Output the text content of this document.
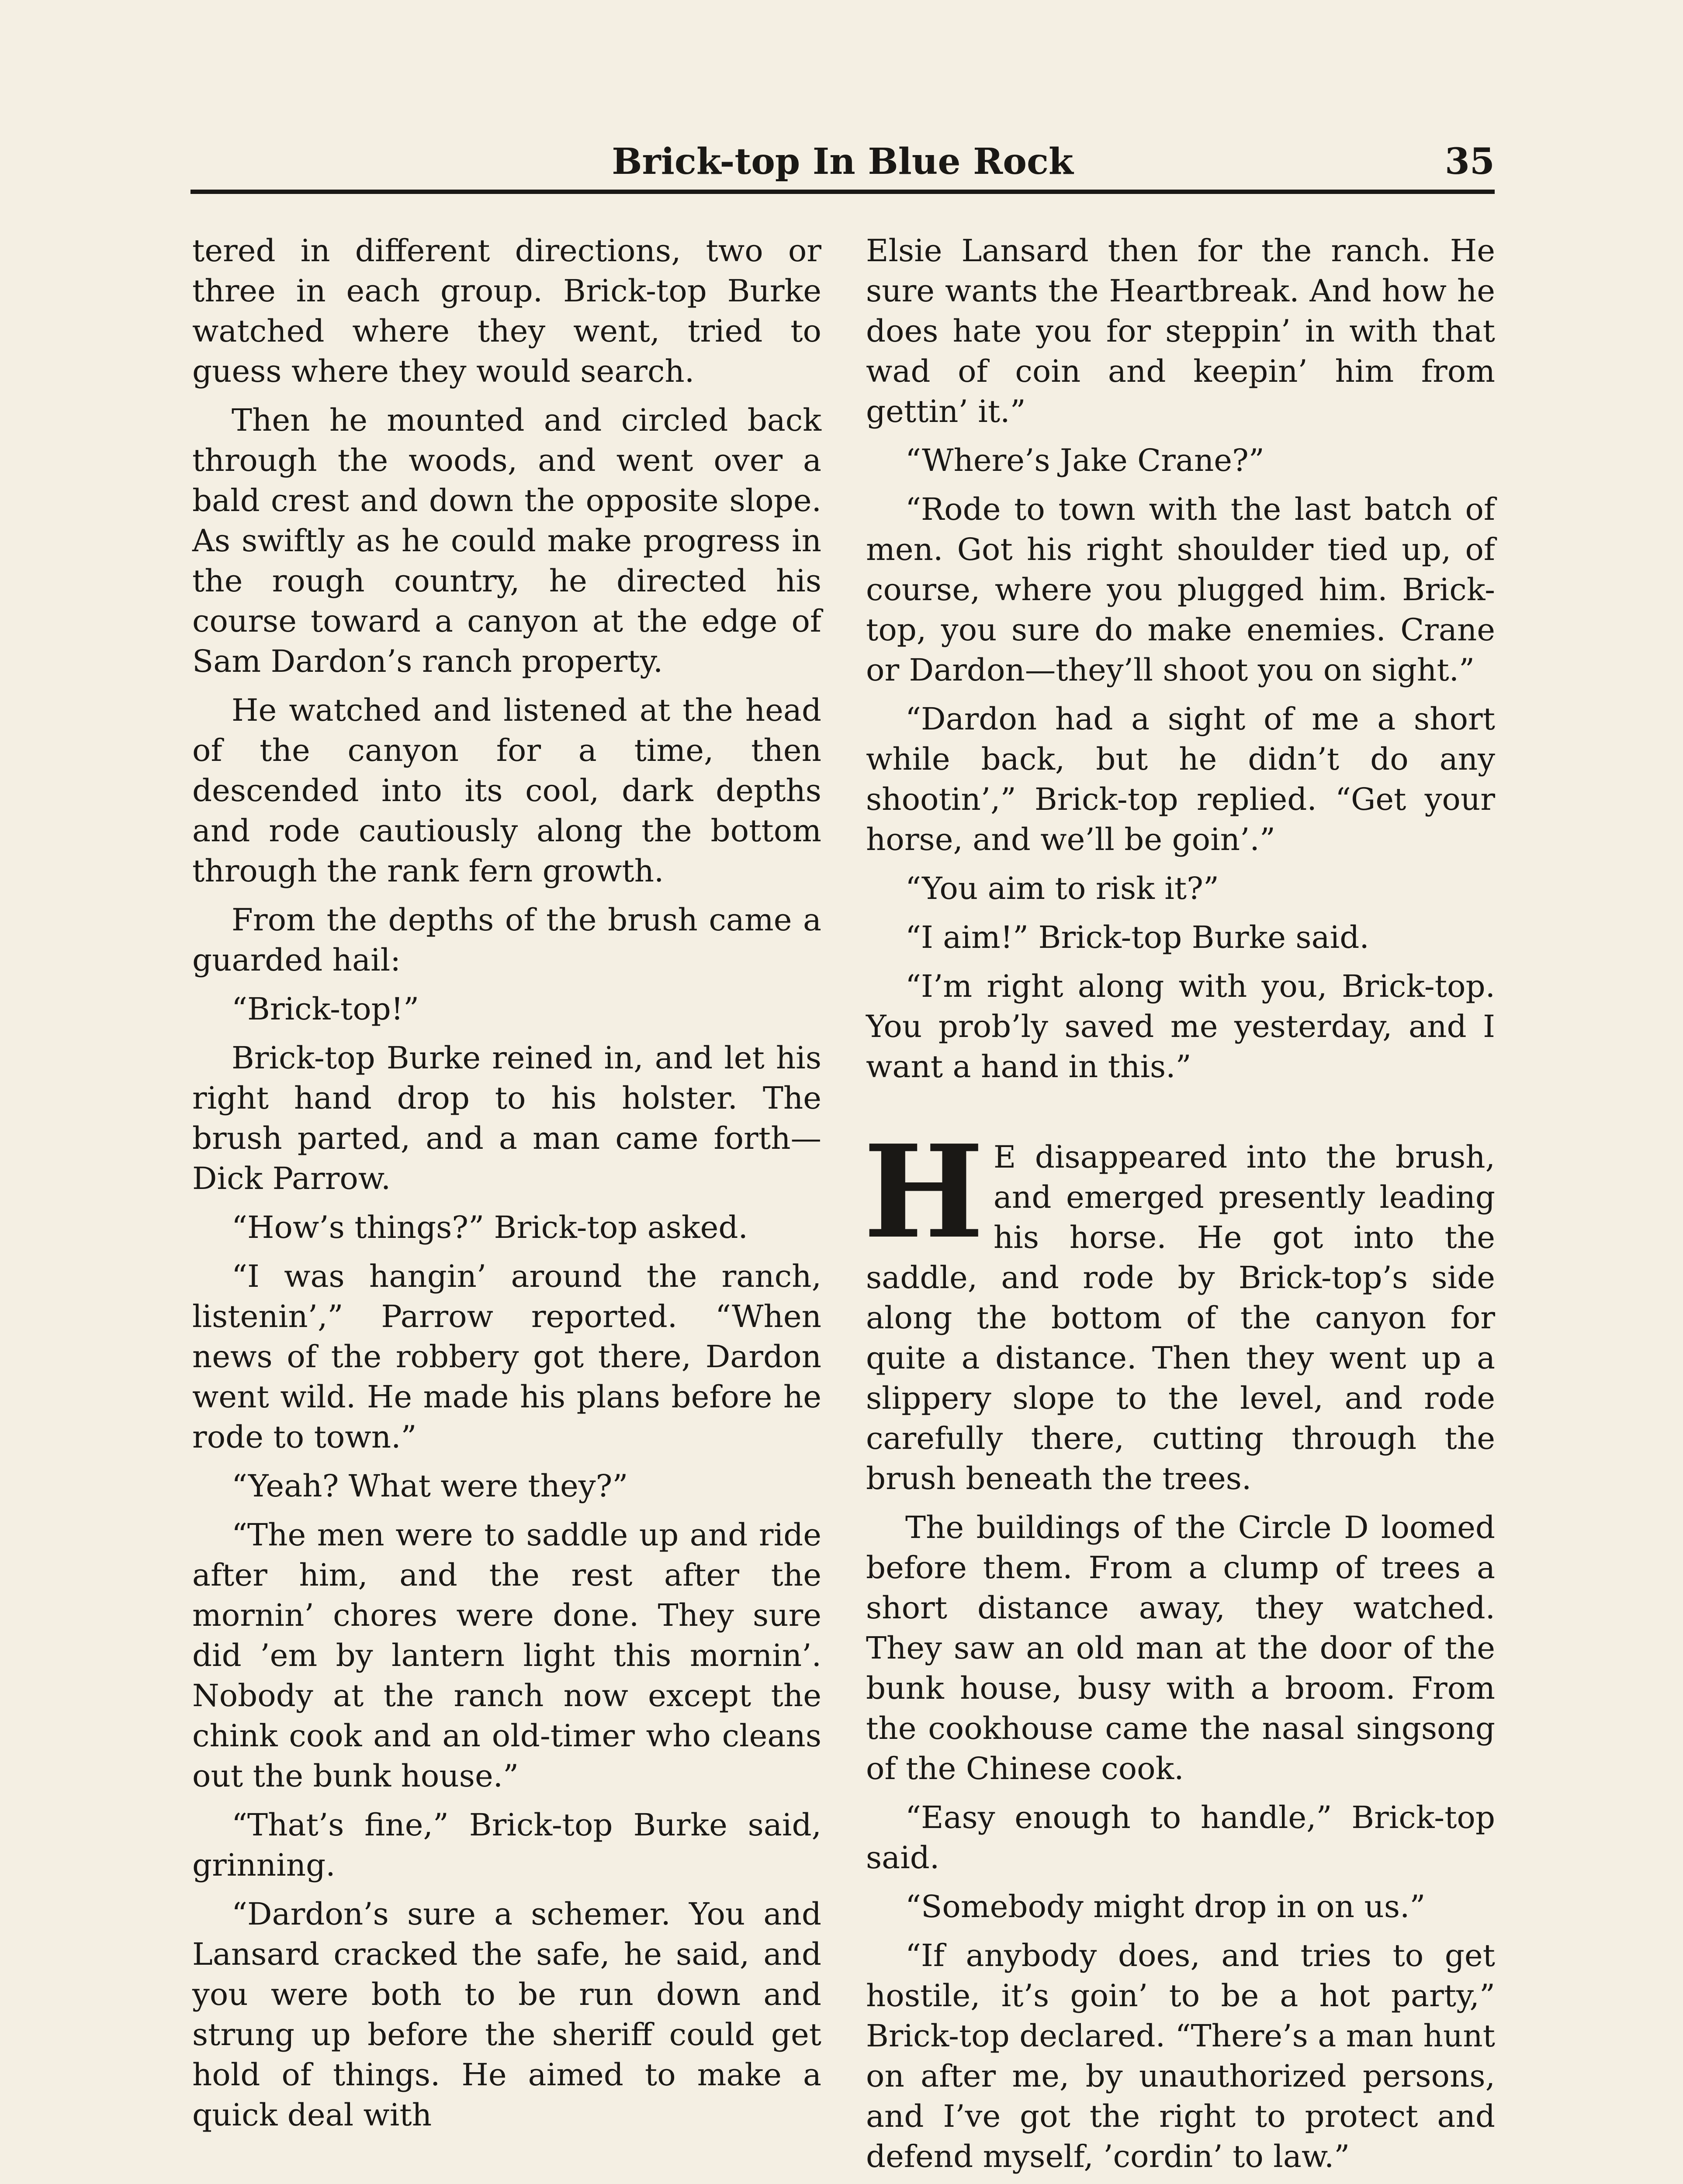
Brick-top In Blue Rock	35

tered in different directions, two or three in each group. Brick-top Burke watched where they went, tried to guess where they would search.

Then he mounted and circled back through the woods, and went over a bald crest and down the opposite slope. As swiftly as he could make progress in the rough country, he directed his course toward a canyon at the edge of Sam Dardon’s ranch property.

He watched and listened at the head of the canyon for a time, then descended into its cool, dark depths and rode cautiously along the bottom through the rank fern growth.

From the depths of the brush came a guarded hail:

“Brick-top!”

Brick-top Burke reined in, and let his right hand drop to his holster. The brush parted, and a man came forth—Dick Parrow.

“How’s things?” Brick-top asked.

“I was hangin’ around the ranch, listenin’,” Parrow reported. “When news of the robbery got there, Dardon went wild. He made his plans before he rode to town.”

“Yeah? What were they?”

“The men were to saddle up and ride after him, and the rest after the mornin’ chores were done. They sure did ’em by lantern light this mornin’. Nobody at the ranch now except the chink cook and an old-timer who cleans out the bunk house.”

“That’s fine,” Brick-top Burke said, grinning.

“Dardon’s sure a schemer. You and Lansard cracked the safe, he said, and you were both to be run down and strung up before the sheriff could get hold of things. He aimed to make a quick deal with

Elsie Lansard then for the ranch. He sure wants the Heartbreak. And how he does hate you for steppin’ in with that wad of coin and keepin’ him from gettin’ it.”

“Where’s Jake Crane?”

“Rode to town with the last batch of men. Got his right shoulder tied up, of course, where you plugged him. Brick-top, you sure do make enemies. Crane or Dardon—they’ll shoot you on sight.”

“Dardon had a sight of me a short while back, but he didn’t do any shootin’,” Brick-top replied. “Get your horse, and we’ll be goin’.”

“You aim to risk it?”

“I aim!” Brick-top Burke said.

“I’m right along with you, Brick-top. You prob’ly saved me yesterday, and I want a hand in this.”

H E disappeared into the brush, and emerged presently leading his horse. He got into the saddle, and rode by Brick-top’s side along the bottom of the canyon for quite a distance. Then they went up a slippery slope to the level, and rode carefully there, cutting through the brush beneath the trees.

The buildings of the Circle D loomed before them. From a clump of trees a short distance away, they watched. They saw an old man at the door of the bunk house, busy with a broom. From the cookhouse came the nasal singsong of the Chinese cook.

“Easy enough to handle,” Brick-top said.

“Somebody might drop in on us.”

“If anybody does, and tries to get hostile, it’s goin’ to be a hot party,” Brick-top declared. “There’s a man hunt on after me, by unauthorized persons, and I’ve got the right to protect and defend myself, ’cordin’ to law.”
